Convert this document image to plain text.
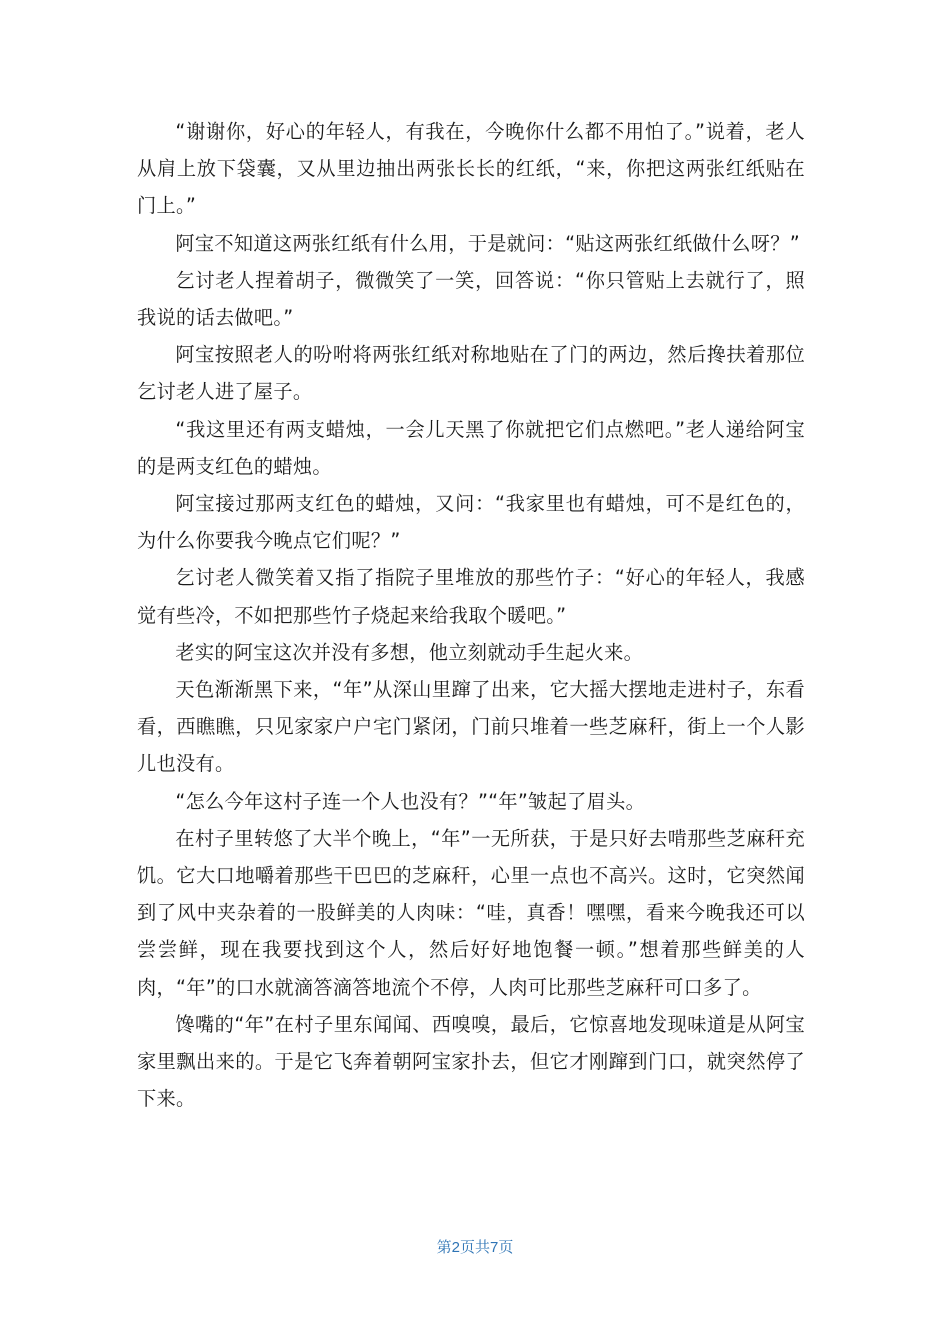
“谢谢你，好心的年轻人，有我在，今晚你什么都不用怕了。”说着，老人从肩上放下袋囊，又从里边抽出两张长长的红纸，“来，你把这两张红纸贴在门上。”

阿宝不知道这两张红纸有什么用，于是就问：“贴这两张红纸做什么呀？”

乞讨老人捏着胡子，微微笑了一笑，回答说：“你只管贴上去就行了，照我说的话去做吧。”

阿宝按照老人的吩咐将两张红纸对称地贴在了门的两边，然后搀扶着那位乞讨老人进了屋子。

“我这里还有两支蜡烛，一会儿天黑了你就把它们点燃吧。”老人递给阿宝的是两支红色的蜡烛。

阿宝接过那两支红色的蜡烛，又问：“我家里也有蜡烛，可不是红色的，为什么你要我今晚点它们呢？”

乞讨老人微笑着又指了指院子里堆放的那些竹子：“好心的年轻人，我感觉有些冷，不如把那些竹子烧起来给我取个暖吧。”

老实的阿宝这次并没有多想，他立刻就动手生起火来。

天色渐渐黑下来，“年”从深山里蹿了出来，它大摇大摆地走进村子，东看看，西瞧瞧，只见家家户户宅门紧闭，门前只堆着一些芝麻秆，街上一个人影儿也没有。

“怎么今年这村子连一个人也没有？”“年”皱起了眉头。

在村子里转悠了大半个晚上，“年”一无所获，于是只好去啃那些芝麻秆充饥。它大口地嚼着那些干巴巴的芝麻秆，心里一点也不高兴。这时，它突然闻到了风中夹杂着的一股鲜美的人肉味：“哇，真香！嘿嘿，看来今晚我还可以尝尝鲜，现在我要找到这个人，然后好好地饱餐一顿。”想着那些鲜美的人肉，“年”的口水就滴答滴答地流个不停，人肉可比那些芝麻秆可口多了。

馋嘴的“年”在村子里东闻闻、西嗅嗅，最后，它惊喜地发现味道是从阿宝家里飘出来的。于是它飞奔着朝阿宝家扑去，但它才刚蹿到门口，就突然停了下来。

第2页共7页
